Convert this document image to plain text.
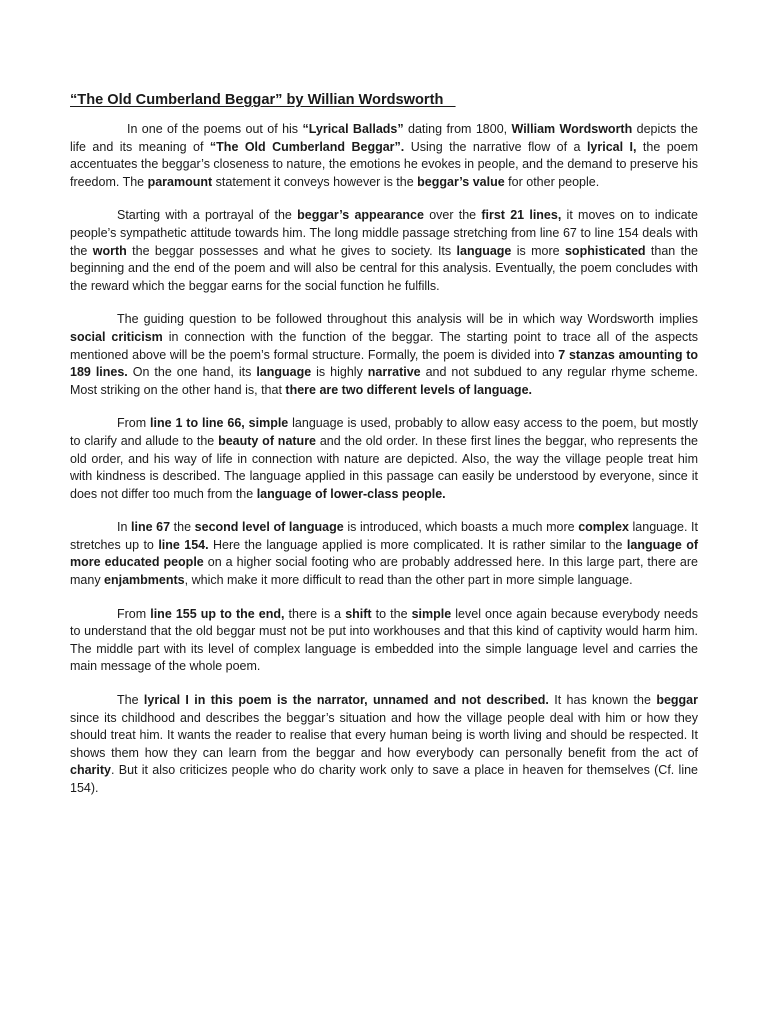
“The Old Cumberland Beggar” by Willian Wordsworth

In one of the poems out of his “Lyrical Ballads” dating from 1800, William Wordsworth depicts the life and its meaning of “The Old Cumberland Beggar”. Using the narrative flow of a lyrical I, the poem accentuates the beggar’s closeness to nature, the emotions he evokes in people, and the demand to preserve his freedom. The paramount statement it conveys however is the beggar’s value for other people.

Starting with a portrayal of the beggar’s appearance over the first 21 lines, it moves on to indicate people’s sympathetic attitude towards him. The long middle passage stretching from line 67 to line 154 deals with the worth the beggar possesses and what he gives to society. Its language is more sophisticated than the beginning and the end of the poem and will also be central for this analysis. Eventually, the poem concludes with the reward which the beggar earns for the social function he fulfills.

The guiding question to be followed throughout this analysis will be in which way Wordsworth implies social criticism in connection with the function of the beggar. The starting point to trace all of the aspects mentioned above will be the poem’s formal structure. Formally, the poem is divided into 7 stanzas amounting to 189 lines. On the one hand, its language is highly narrative and not subdued to any regular rhyme scheme. Most striking on the other hand is, that there are two different levels of language.

From line 1 to line 66, simple language is used, probably to allow easy access to the poem, but mostly to clarify and allude to the beauty of nature and the old order. In these first lines the beggar, who represents the old order, and his way of life in connection with nature are depicted. Also, the way the village people treat him with kindness is described. The language applied in this passage can easily be understood by everyone, since it does not differ too much from the language of lower-class people.

In line 67 the second level of language is introduced, which boasts a much more complex language. It stretches up to line 154. Here the language applied is more complicated. It is rather similar to the language of more educated people on a higher social footing who are probably addressed here. In this large part, there are many enjambments, which make it more difficult to read than the other part in more simple language.

From line 155 up to the end, there is a shift to the simple level once again because everybody needs to understand that the old beggar must not be put into workhouses and that this kind of captivity would harm him. The middle part with its level of complex language is embedded into the simple language level and carries the main message of the whole poem.

The lyrical I in this poem is the narrator, unnamed and not described. It has known the beggar since its childhood and describes the beggar’s situation and how the village people deal with him or how they should treat him. It wants the reader to realise that every human being is worth living and should be respected. It shows them how they can learn from the beggar and how everybody can personally benefit from the act of charity. But it also criticizes people who do charity work only to save a place in heaven for themselves (Cf. line 154).
